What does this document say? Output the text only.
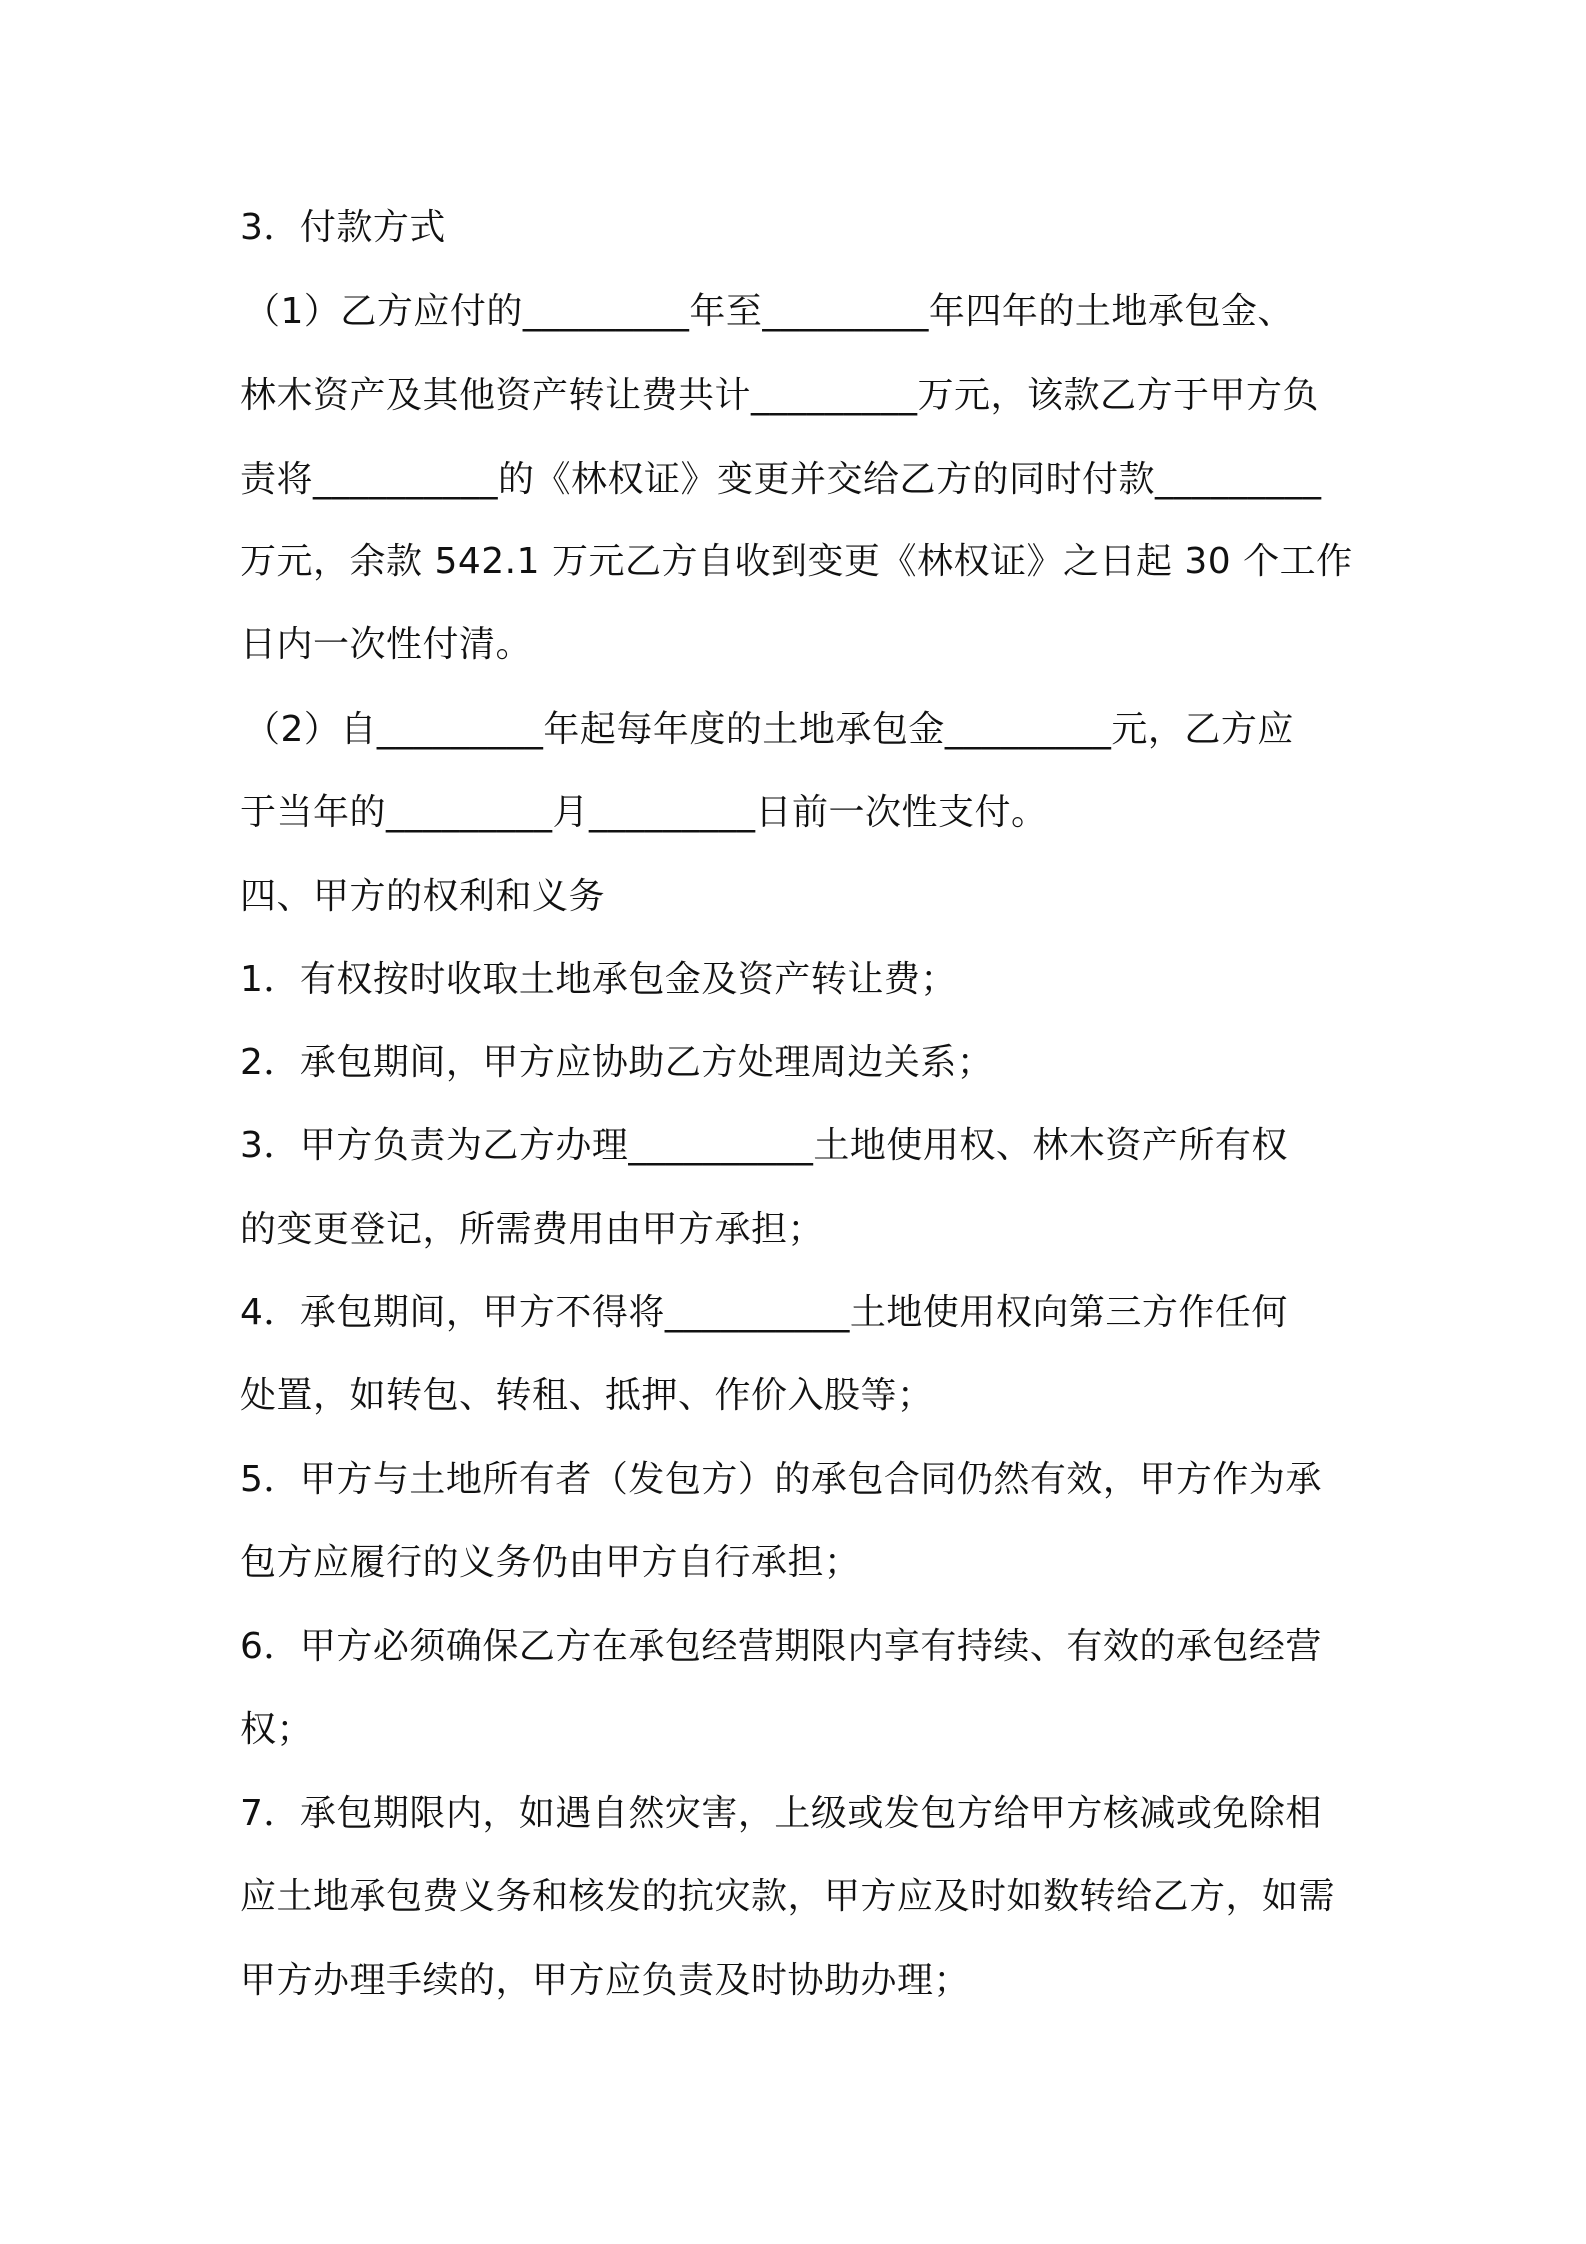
3．付款方式

（1）乙方应付的_________年至_________年四年的土地承包金、

林木资产及其他资产转让费共计_________万元，该款乙方于甲方负

责将__________的《林权证》变更并交给乙方的同时付款_________

万元，余款 542.1 万元乙方自收到变更《林权证》之日起 30 个工作

日内一次性付清。

（2）自_________年起每年度的土地承包金_________元，乙方应

于当年的_________月_________日前一次性支付。

四、甲方的权利和义务

1．有权按时收取土地承包金及资产转让费；

2．承包期间，甲方应协助乙方处理周边关系；

3．甲方负责为乙方办理__________土地使用权、林木资产所有权

的变更登记，所需费用由甲方承担；

4．承包期间，甲方不得将__________土地使用权向第三方作任何

处置，如转包、转租、抵押、作价入股等；

5．甲方与土地所有者（发包方）的承包合同仍然有效，甲方作为承

包方应履行的义务仍由甲方自行承担；

6．甲方必须确保乙方在承包经营期限内享有持续、有效的承包经营

权；

7．承包期限内，如遇自然灾害，上级或发包方给甲方核减或免除相

应土地承包费义务和核发的抗灾款，甲方应及时如数转给乙方，如需

甲方办理手续的，甲方应负责及时协助办理；
